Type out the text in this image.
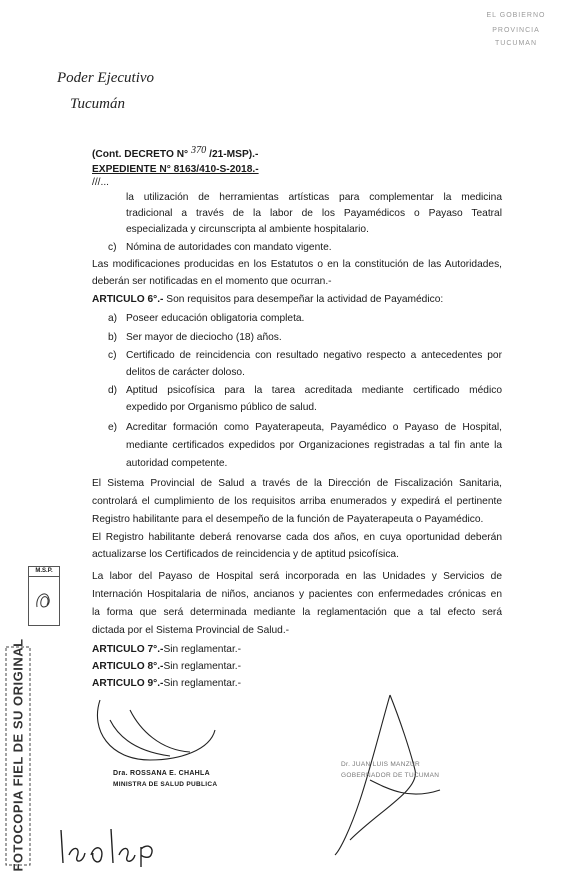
EL GOBIERNO
PROVINCIA
TUCUMAN
Poder Ejecutivo
Tucumán
(Cont. DECRETO N° 370 /21-MSP).-
EXPEDIENTE N° 8163/410-S-2018.-
///...
la utilización de herramientas artísticas para complementar la medicina
tradicional a través de la labor de los Payamédicos o Payaso Teatral
especializada y circunscripta al ambiente hospitalario.
c) Nómina de autoridades con mandato vigente.
Las modificaciones producidas en los Estatutos o en la constitución de las Autoridades,
deberán ser notificadas en el momento que ocurran.-
ARTICULO 6°.- Son requisitos para desempeñar la actividad de Payamédico:
a) Poseer educación obligatoria completa.
b) Ser mayor de dieciocho (18) años.
c) Certificado de reincidencia con resultado negativo respecto a antecedentes por
delitos de carácter doloso.
d) Aptitud psicofísica para la tarea acreditada mediante certificado médico
expedido por Organismo público de salud.
e) Acreditar formación como Payaterapeuta, Payamédico o Payaso de Hospital,
mediante certificados expedidos por Organizaciones registradas a tal fin ante la
autoridad competente.
El Sistema Provincial de Salud a través de la Dirección de Fiscalización Sanitaria,
controlará el cumplimiento de los requisitos arriba enumerados y expedirá el pertinente
Registro habilitante para el desempeño de la función de Payaterapeuta o Payamédico.
El Registro habilitante deberá renovarse cada dos años, en cuya oportunidad deberán
actualizarse los Certificados de reincidencia y de aptitud psicofísica.
La labor del Payaso de Hospital será incorporada en las Unidades y Servicios de
Internación Hospitalaria de niños, ancianos y pacientes con enfermedades crónicas en
la forma que será determinada mediante la reglamentación que a tal efecto será
dictada por el Sistema Provincial de Salud.-
ARTICULO 7°.-Sin reglamentar.-
ARTICULO 8°.-Sin reglamentar.-
ARTICULO 9°.-Sin reglamentar.-
M.S.P.
FOTOCOPIA FIEL DE SU ORIGINAL	Dra. ROSSANA E. CHAHLA
MINISTRA DE SALUD PUBLICA
Dr. JUAN LUIS MANZUR
GOBERNADOR DE TUCUMAN
